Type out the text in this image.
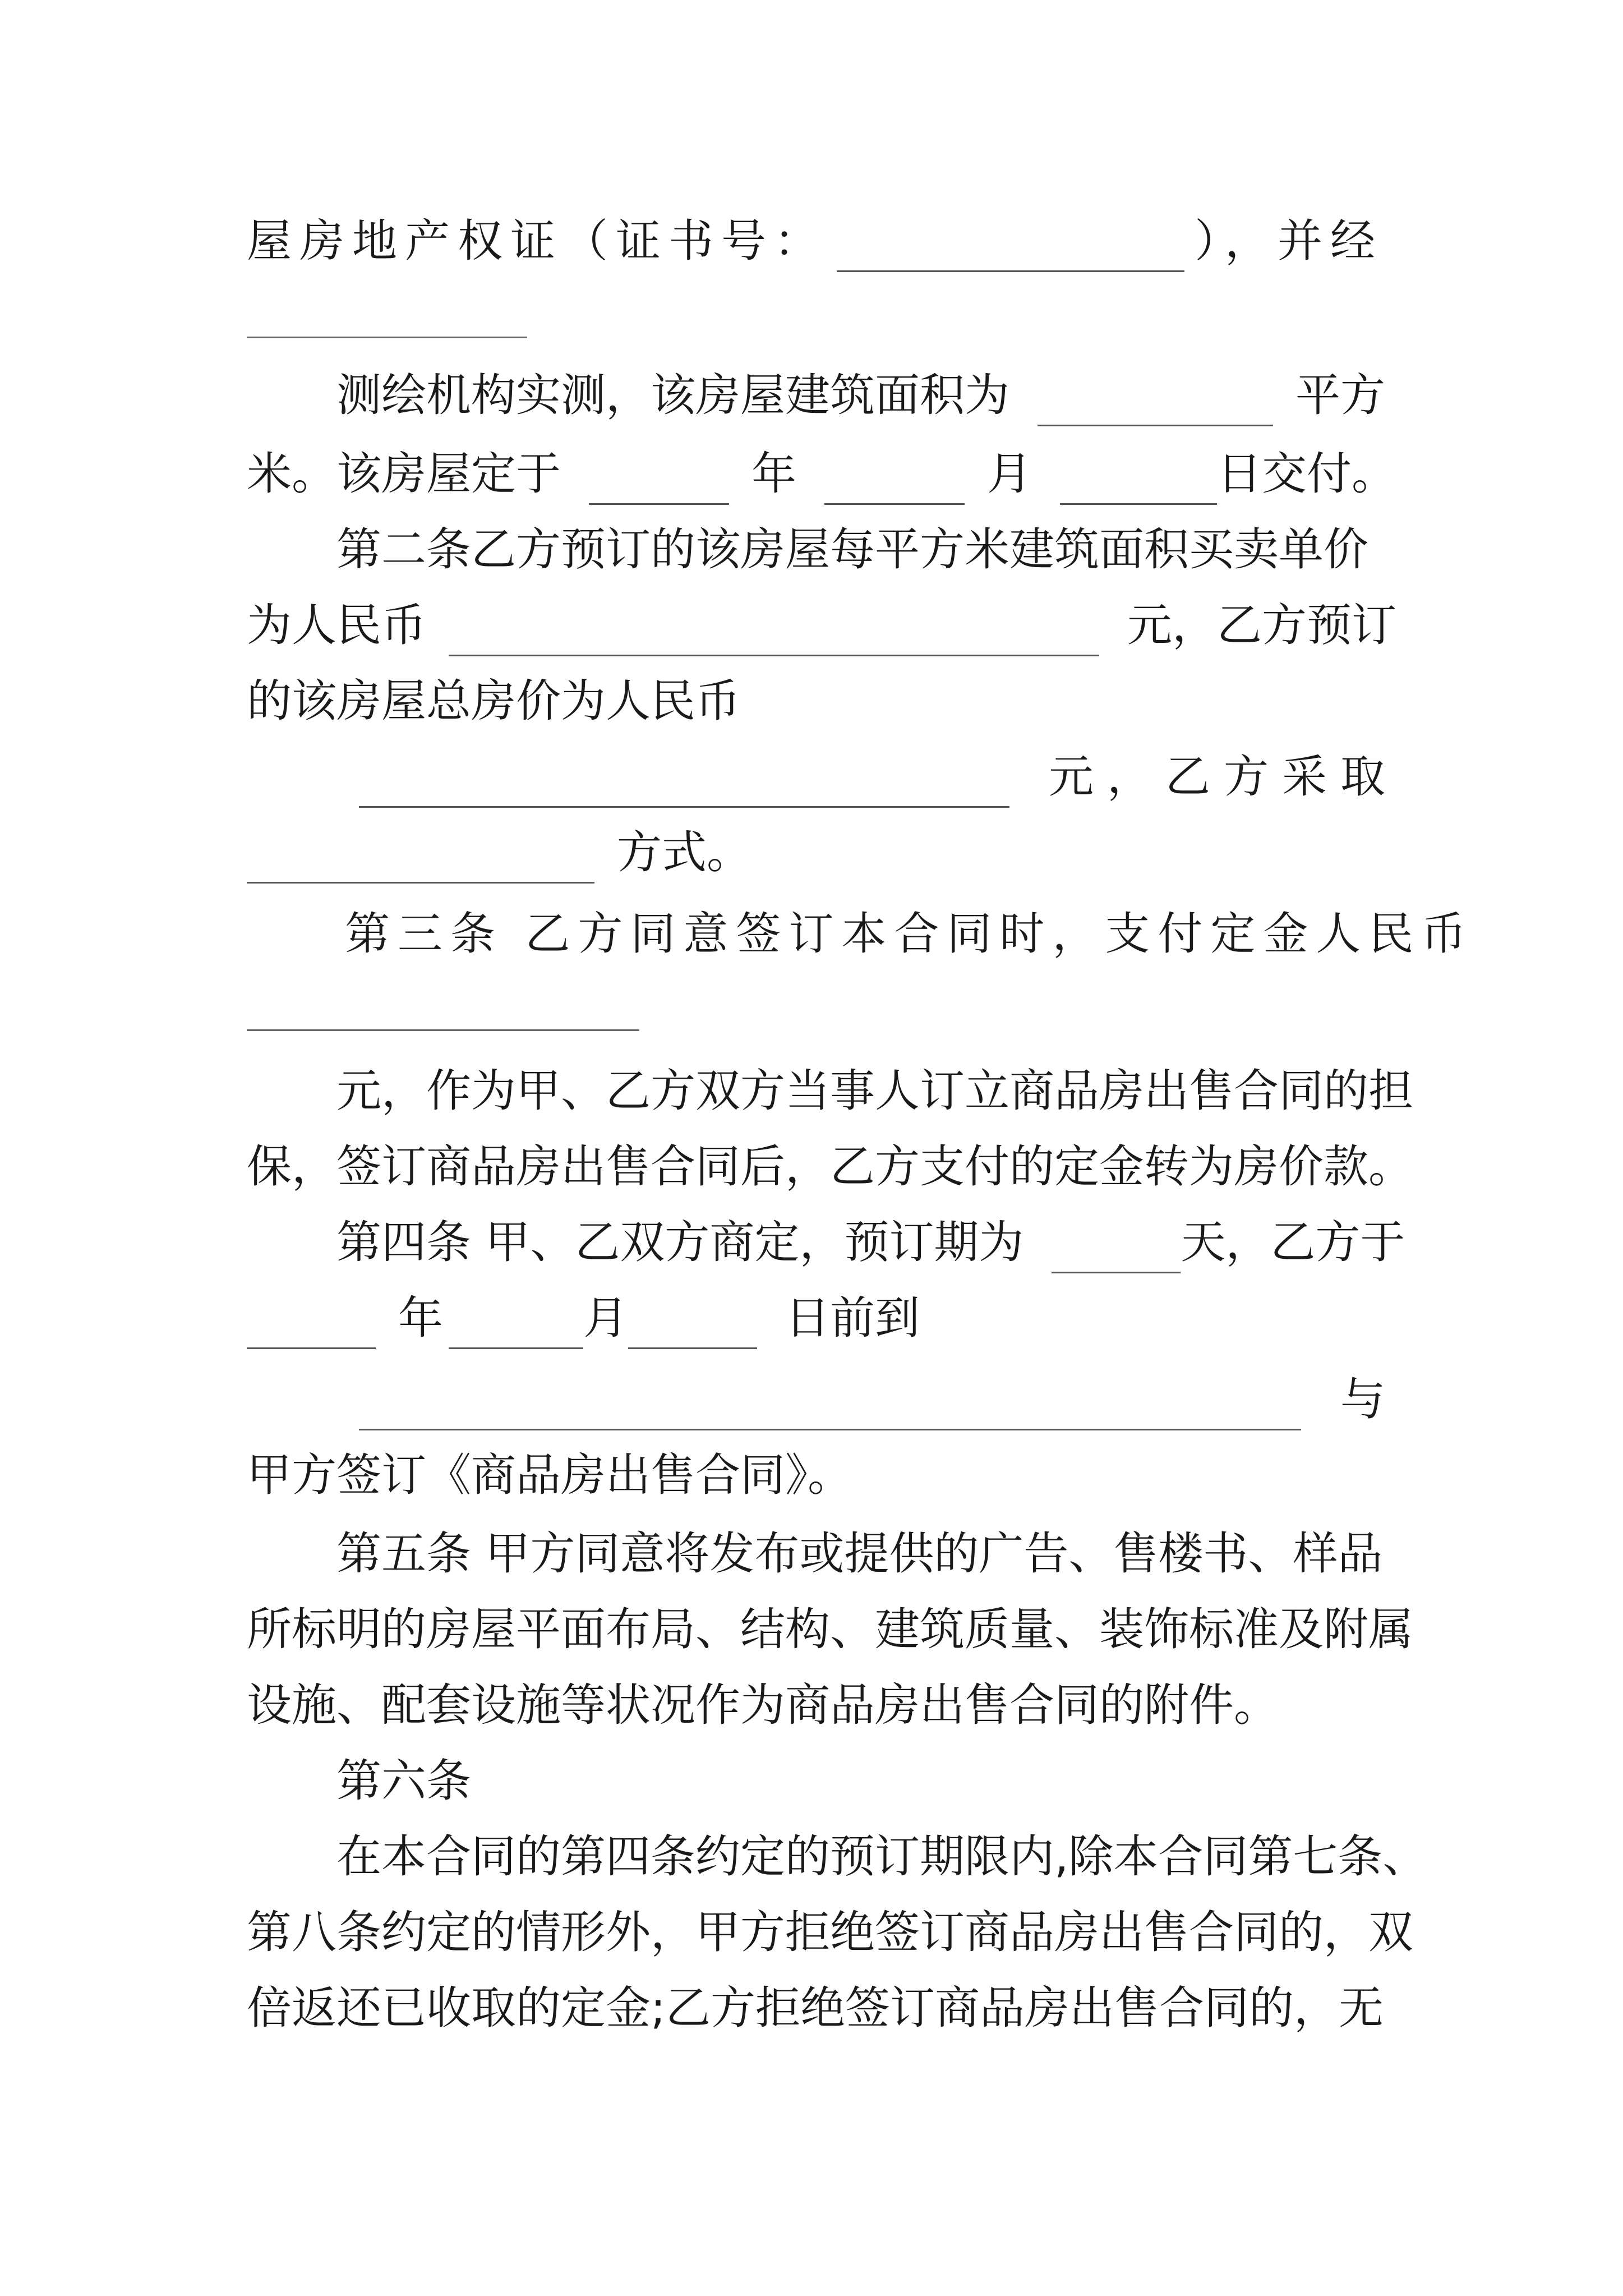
屋房地产权证（证书号：	），并经
测绘机构实测，该房屋建筑面积为	平方
米。该房屋定于	年	月	日交付。
第二条乙方预订的该房屋每平方米建筑面积买卖单价
为人民币	元，乙方预订
的该房屋总房价为人民币
元，乙方采取
方式。
第三条 乙方同意签订本合同时，支付定金人民币
元，作为甲、乙方双方当事人订立商品房出售合同的担
保，签订商品房出售合同后，乙方支付的定金转为房价款。
第四条 甲、乙双方商定，预订期为	天，乙方于
年	月	日前到
与
甲方签订《商品房出售合同》。
第五条 甲方同意将发布或提供的广告、售楼书、样品
所标明的房屋平面布局、结构、建筑质量、装饰标准及附属
设施、配套设施等状况作为商品房出售合同的附件。
第六条
在本合同的第四条约定的预订期限内,除本合同第七条、
第八条约定的情形外，甲方拒绝签订商品房出售合同的，双
倍返还已收取的定金;乙方拒绝签订商品房出售合同的，无
